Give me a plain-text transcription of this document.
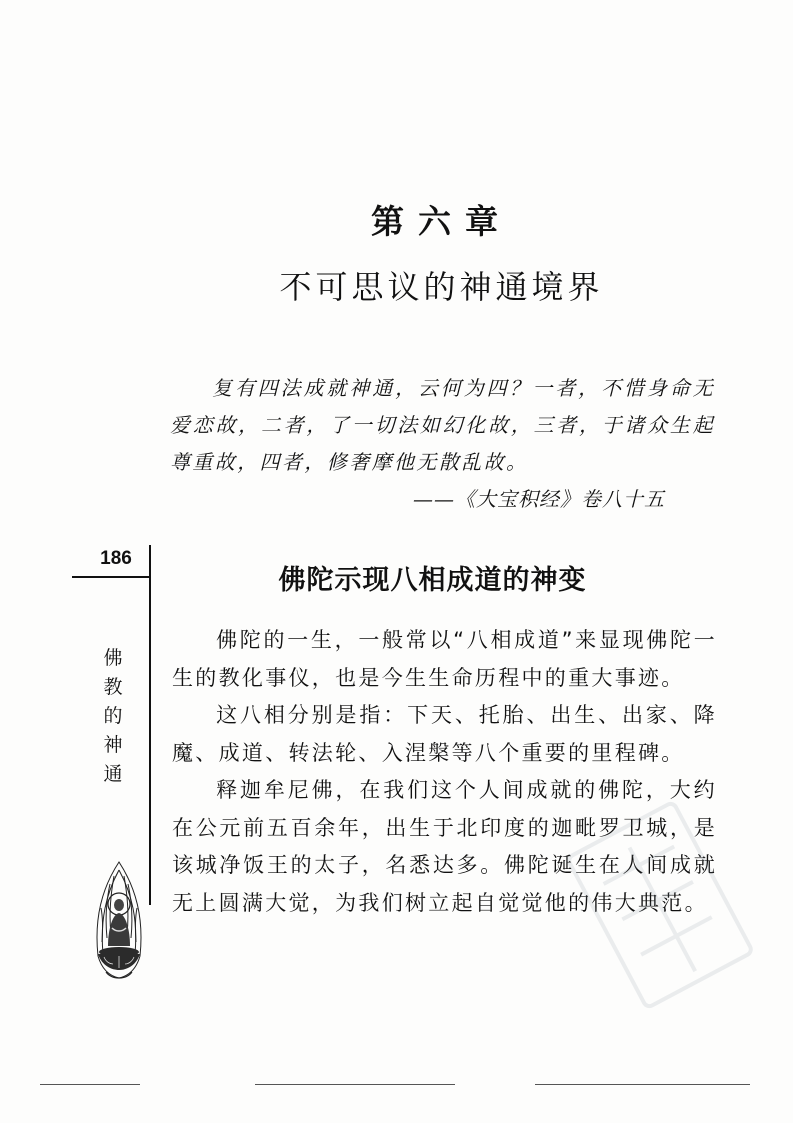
第六章
不可思议的神通境界

复有四法成就神通，云何为四？一者，不惜身命无爱恋故，二者，了一切法如幻化故，三者，于诸众生起尊重故，四者，修奢摩他无散乱故。

——《大宝积经》卷八十五

186
佛
教
的
神
通
佛陀示现八相成道的神变

佛陀的一生，一般常以“八相成道”来显现佛陀一生的教化事仪，也是今生生命历程中的重大事迹。

这八相分别是指：下天、托胎、出生、出家、降魔、成道、转法轮、入涅槃等八个重要的里程碑。

释迦牟尼佛，在我们这个人间成就的佛陀，大约在公元前五百余年，出生于北印度的迦毗罗卫城，是该城净饭王的太子，名悉达多。佛陀诞生在人间成就无上圆满大觉，为我们树立起自觉觉他的伟大典范。
